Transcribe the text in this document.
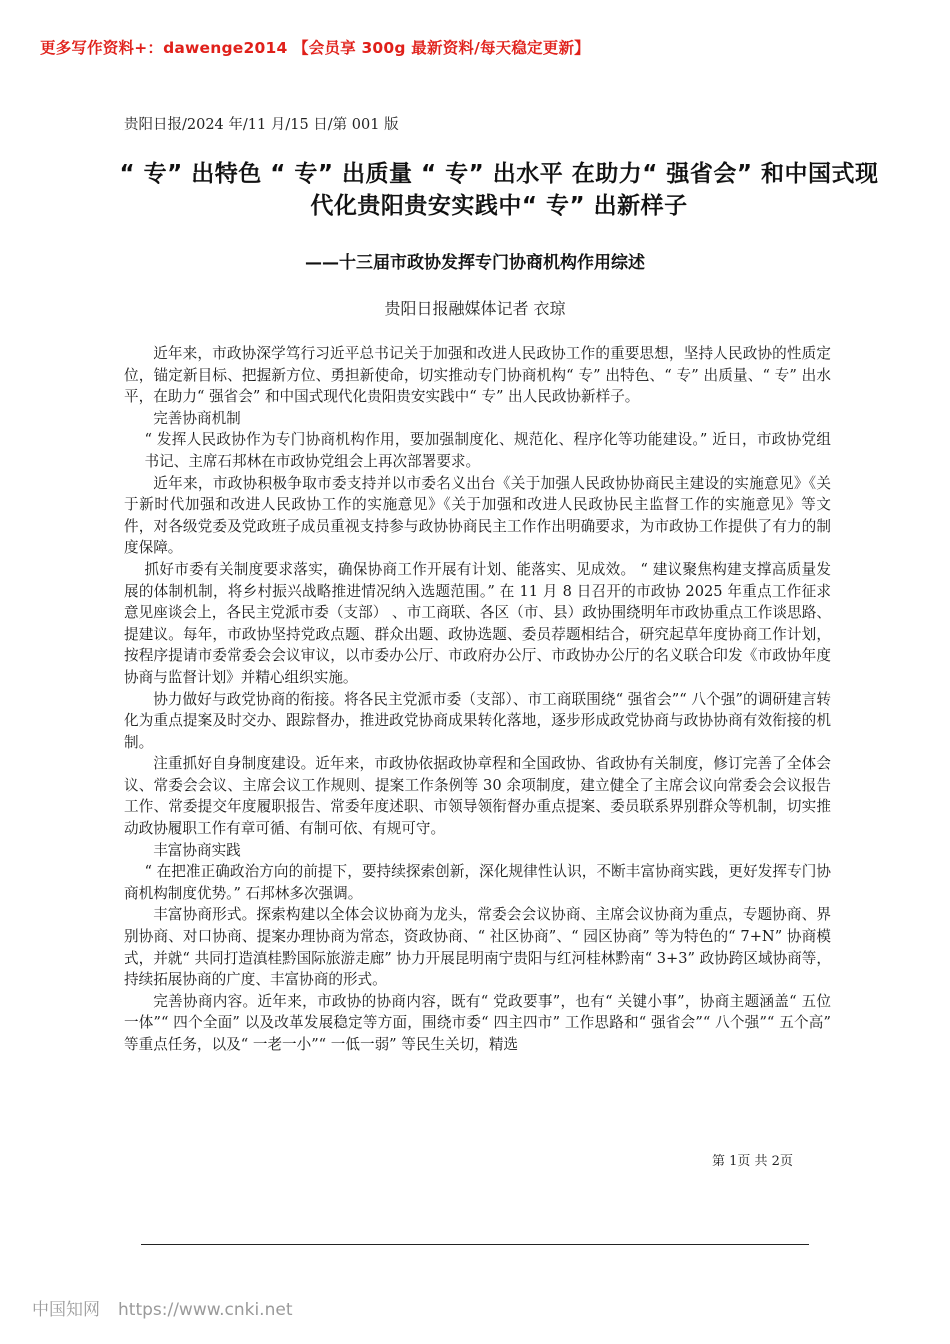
更多写作资料+：dawenge2014 【会员享 300g 最新资料/每天稳定更新】
贵阳日报/2024 年/11 月/15 日/第 001 版
“ 专” 出特色 “ 专” 出质量 “ 专” 出水平 在助力“ 强省会” 和中国式现代化贵阳贵安实践中“ 专” 出新样子
——十三届市政协发挥专门协商机构作用综述
贵阳日报融媒体记者 衣琼

近年来，市政协深学笃行习近平总书记关于加强和改进人民政协工作的重要思想，坚持人民政协的性质定位，锚定新目标、把握新方位、勇担新使命，切实推动专门协商机构“ 专” 出特色、“ 专” 出质量、“ 专” 出水平，在助力“ 强省会” 和中国式现代化贵阳贵安实践中“ 专” 出人民政协新样子。

完善协商机制

“ 发挥人民政协作为专门协商机构作用，要加强制度化、规范化、程序化等功能建设。” 近日，市政协党组书记、主席石邦林在市政协党组会上再次部署要求。

近年来，市政协积极争取市委支持并以市委名义出台《关于加强人民政协协商民主建设的实施意见》《关于新时代加强和改进人民政协工作的实施意见》《关于加强和改进人民政协民主监督工作的实施意见》等文件，对各级党委及党政班子成员重视支持参与政协协商民主工作作出明确要求，为市政协工作提供了有力的制度保障。

抓好市委有关制度要求落实，确保协商工作开展有计划、能落实、见成效。 “ 建议聚焦构建支撑高质量发展的体制机制，将乡村振兴战略推进情况纳入选题范围。” 在 11 月 8 日召开的市政协 2025 年重点工作征求意见座谈会上，各民主党派市委（支部） 、市工商联、各区（市、县）政协围绕明年市政协重点工作谈思路、提建议。每年，市政协坚持党政点题、群众出题、政协选题、委员荐题相结合，研究起草年度协商工作计划，按程序提请市委常委会会议审议，以市委办公厅、市政府办公厅、市政协办公厅的名义联合印发《市政协年度协商与监督计划》并精心组织实施。

协力做好与政党协商的衔接。将各民主党派市委（支部）、市工商联围绕“ 强省会”“ 八个强”的调研建言转化为重点提案及时交办、跟踪督办，推进政党协商成果转化落地，逐步形成政党协商与政协协商有效衔接的机制。

注重抓好自身制度建设。近年来，市政协依据政协章程和全国政协、省政协有关制度，修订完善了全体会议、常委会会议、主席会议工作规则、提案工作条例等 30 余项制度，建立健全了主席会议向常委会会议报告工作、常委提交年度履职报告、常委年度述职、市领导领衔督办重点提案、委员联系界别群众等机制，切实推动政协履职工作有章可循、有制可依、有规可守。

丰富协商实践

“ 在把准正确政治方向的前提下，要持续探索创新，深化规律性认识，不断丰富协商实践，更好发挥专门协商机构制度优势。” 石邦林多次强调。

丰富协商形式。探索构建以全体会议协商为龙头，常委会会议协商、主席会议协商为重点，专题协商、界别协商、对口协商、提案办理协商为常态，资政协商、“ 社区协商”、“ 园区协商” 等为特色的“ 7+N” 协商模式，并就“ 共同打造滇桂黔国际旅游走廊” 协力开展昆明南宁贵阳与红河桂林黔南“ 3+3” 政协跨区域协商等，持续拓展协商的广度、丰富协商的形式。

完善协商内容。近年来，市政协的协商内容，既有“ 党政要事”，也有“ 关键小事”，协商主题涵盖“ 五位一体”“ 四个全面” 以及改革发展稳定等方面，围绕市委“ 四主四市” 工作思路和“ 强省会”“ 八个强”“ 五个高” 等重点任务，以及“ 一老一小”“ 一低一弱” 等民生关切，精选

第 1页 共 2页
中国知网 https://www.cnki.net
